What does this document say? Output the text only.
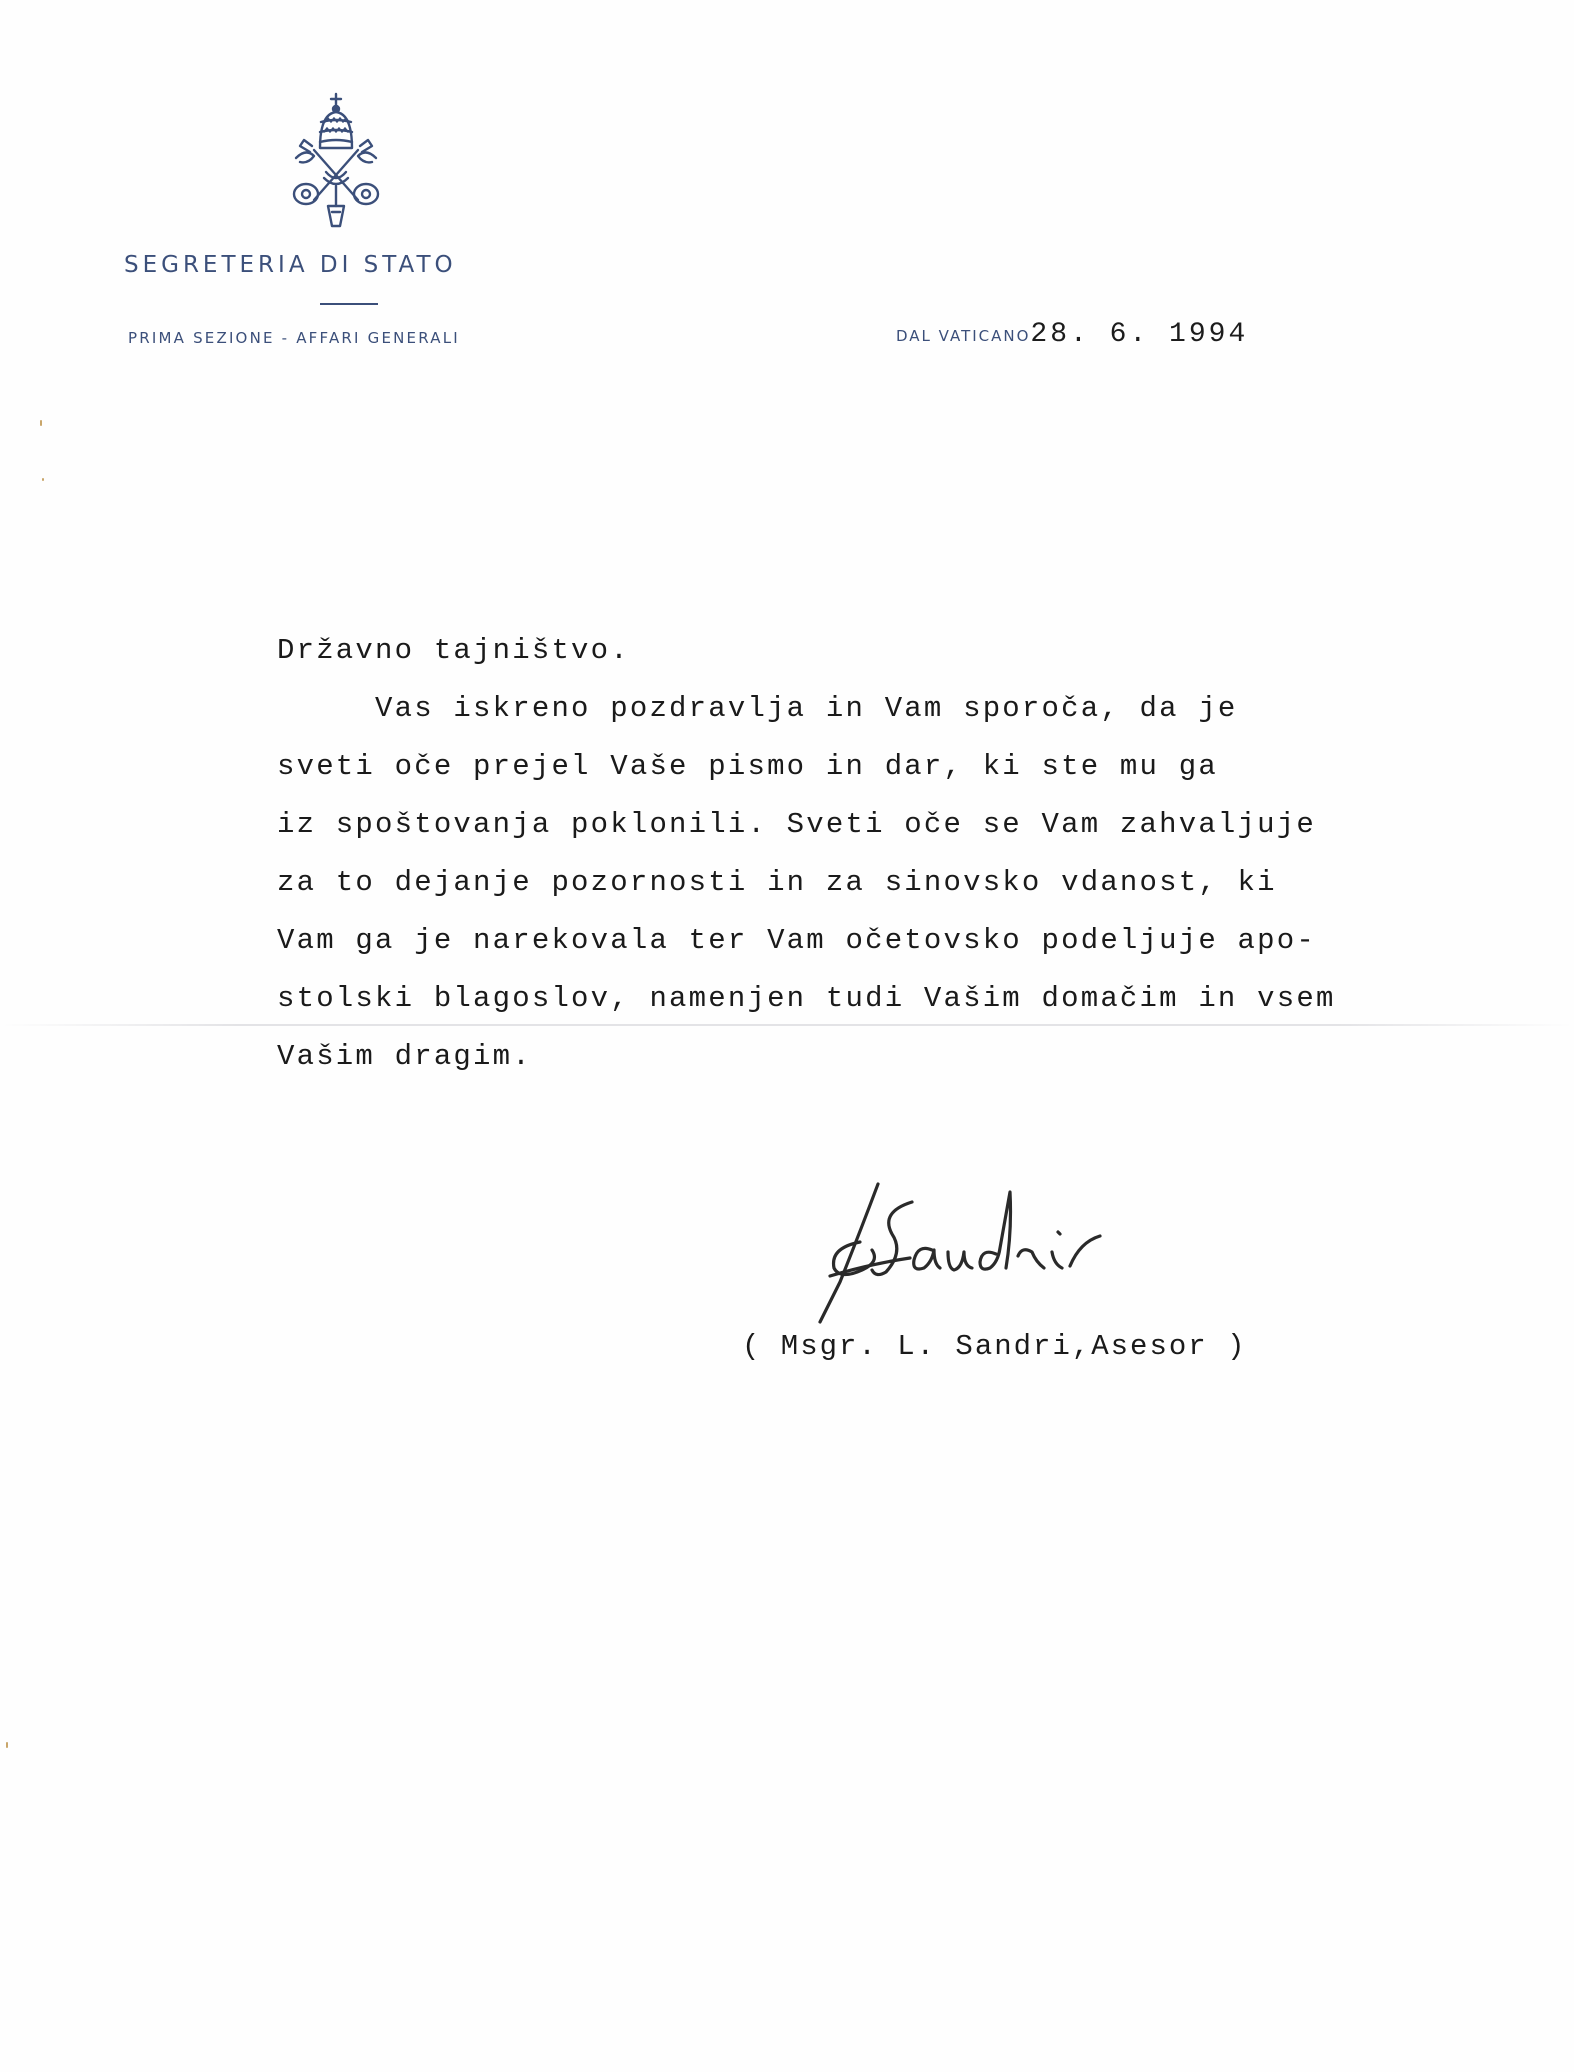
SEGRETERIA DI STATO
PRIMA SEZIONE - AFFARI GENERALI	DAL VATICANO28. 6. 1994
Državno tajništvo.
Vas iskreno pozdravlja in Vam sporoča, da je
sveti oče prejel Vaše pismo in dar, ki ste mu ga
iz spoštovanja poklonili. Sveti oče se Vam zahvaljuje
za to dejanje pozornosti in za sinovsko vdanost, ki
Vam ga je narekovala ter Vam očetovsko podeljuje apo-
stolski blagoslov, namenjen tudi Vašim domačim in vsem
Vašim dragim.
( Msgr. L. Sandri,Asesor )
